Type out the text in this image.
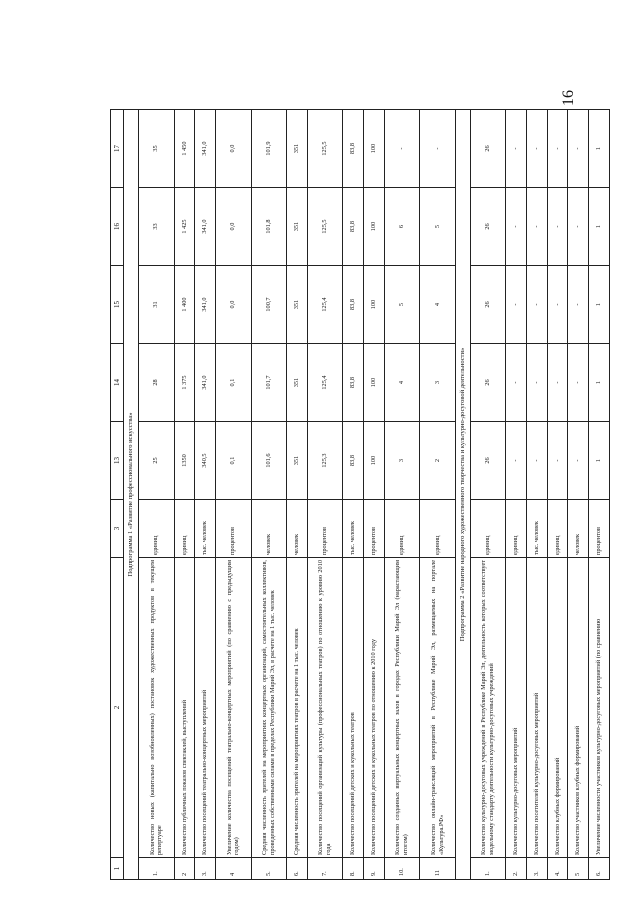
16
1	2	3	13	14	15	16	17
Подпрограмма 1 «Развитие профессионального искусства»							
1.	Количество новых (капитально возобновленных) постановок художественных продуктов в текущем репертуаре	единиц	25	28	31	33	35
2	Количество публичных показов спектаклей, выступлений	единиц	1350	1 375	1 400	1 425	1 450
3.	Количество посещений театрально-концертных мероприятий	тыс. человек	340,5	341,0	341,0	341,0	341,0
4	Увеличение количества посещений театрально-концертных мероприятий (по сравнению с предыдущим годом)	процентов	0,1	0,1	0,0	0,0	0,0
5.	Средняя численность зрителей на мероприятиях концертных организаций, самостоятельных коллективов, проведенных собственными силами в пределах Республики Марий Эл, в расчете на 1 тыс. человек	человек	101,6	101,7	100,7	101,8	101,9
6.	Средняя численность зрителей на мероприятиях театров в расчете на 1 тыс. человек	человек	351	351	351	351	351
7.	Количество посещений организаций культуры (профессиональных театров) по отношению к уровню 2010 года	процентов	125,3	125,4	125,4	125,5	125,5
8.	Количество посещений детских и кукольных театров	тыс. человек	83,8	83,8	83,8	83,8	83,8
9.	Количество посещений детских и кукольных театров по отношению к 2010 году	процентов	100	100	100	100	100
10.	Количество созданных виртуальных концертных залов в городах Республики Марий Эл (нарастающим итогом)	единиц	3	4	5	6	-
11	Количество онлайн-трансляций мероприятий в Республике Марий Эл, размещаемых на портале «Культура.РФ»	единиц	2	3	4	5	-
Подпрограмма 2 «Развитие народного художественного творчества и культурно-досуговой деятельности»							
1.	Количество культурно-досуговых учреждений в Республике Марий Эл, деятельность которых соответствует модельному стандарту деятельности культурно-досуговых учреждений	единиц	26	26	26	26	26
2.	Количество культурно-досуговых мероприятий	единиц	-	-	-	-	-
3.	Количество посетителей культурно-досуговых мероприятий	тыс. человек	-	-	-	-	-
4.	Количество клубных формирований	единиц	-	-	-	-	-
5	Количество участников клубных формирований	человек	-	-	-	-	-
6.	Увеличение численности участников культурно-досуговых мероприятий (по сравнению	процентов	1	1	1	1	1
